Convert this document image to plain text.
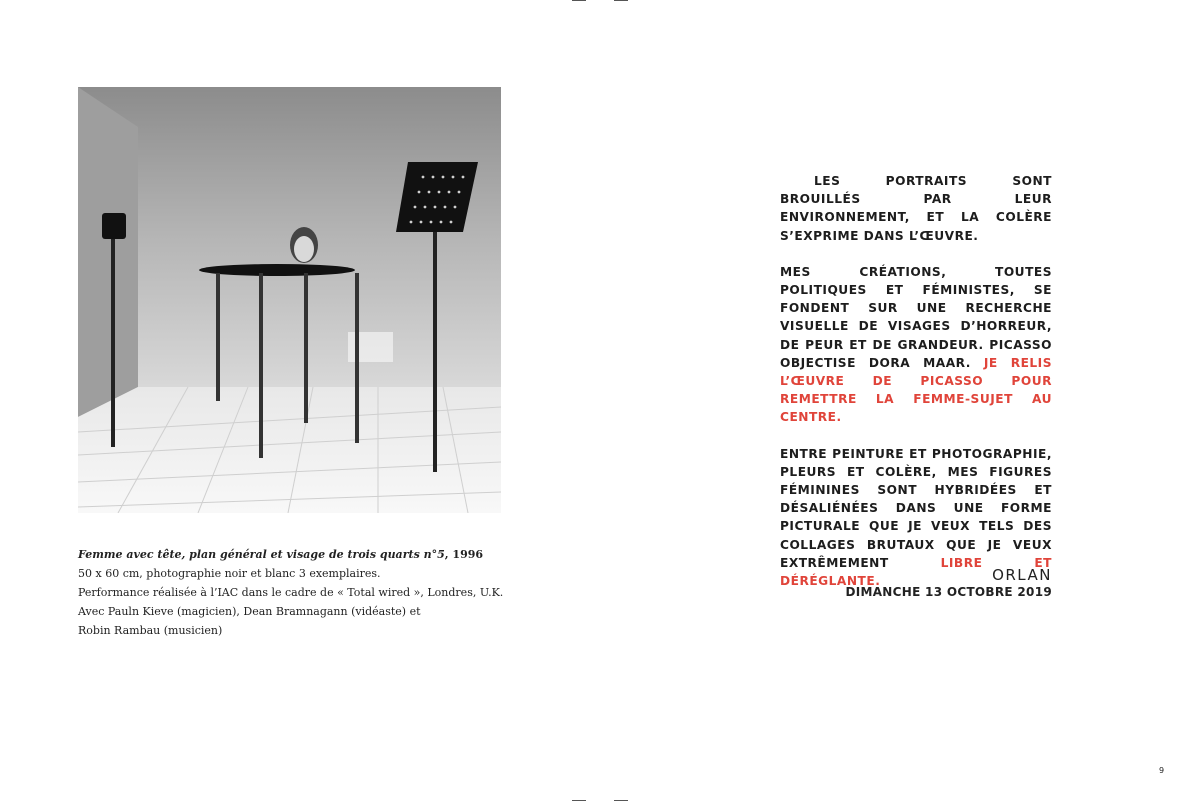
Femme avec tête, plan général et visage de trois quarts n°5, 1996
50 x 60 cm, photographie noir et blanc 3 exemplaires.
Performance réalisée à l’IAC dans le cadre de « Total wired », Londres, U.K.
Avec Pauln Kieve (magicien), Dean Bramnagann (vidéaste) et
Robin Rambau (musicien)

LES PORTRAITS SONT BROUILLÉS PAR LEUR ENVIRONNEMENT, ET LA COLÈRE S’EXPRIME DANS L’ŒUVRE.

MES CRÉATIONS, TOUTES POLITIQUES ET FÉMINISTES, SE FONDENT SUR UNE RECHERCHE VISUELLE DE VISAGES D’HORREUR, DE PEUR ET DE GRANDEUR. PICASSO OBJECTISE DORA MAAR. JE RELIS L’ŒUVRE DE PICASSO POUR REMETTRE LA FEMME-SUJET AU CENTRE.

ENTRE PEINTURE ET PHOTOGRAPHIE, PLEURS ET COLÈRE, MES FIGURES FÉMININES SONT HYBRIDÉES ET DÉSALIÉNÉES DANS UNE FORME PICTURALE QUE JE VEUX TELS DES COLLAGES BRUTAUX QUE JE VEUX EXTRÊMEMENT LIBRE ET DÉRÉGLANTE.	ORLAN
DIMANCHE 13 OCTOBRE 2019
9
